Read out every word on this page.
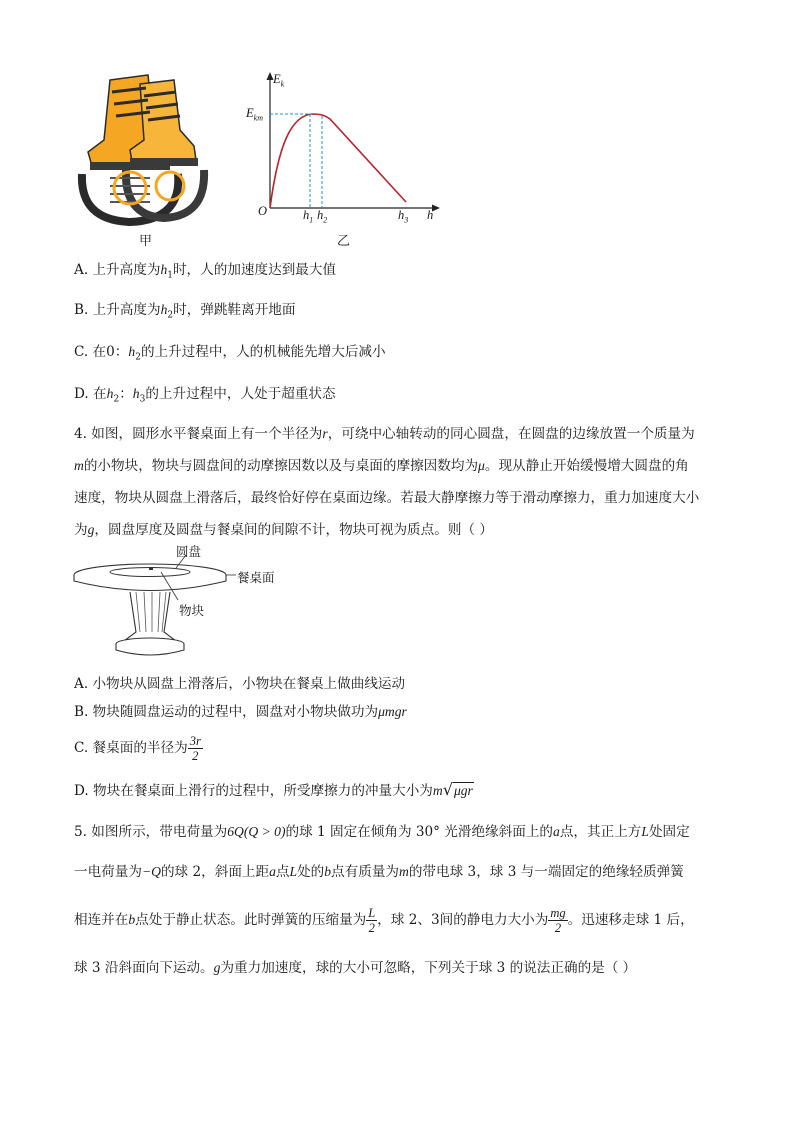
甲
$E_k$
$E_{km}$
O	$h_1$ $h_2$	$h_3$ h
乙
A. 上升高度为$h_1$时，人的加速度达到最大值
B. 上升高度为$h_2$时，弹跳鞋离开地面
C. 在0：$h_2$的上升过程中，人的机械能先增大后减小
D. 在$h_2$：$h_3$的上升过程中，人处于超重状态
4. 如图，圆形水平餐桌面上有一个半径为r，可绕中心轴转动的同心圆盘，在圆盘的边缘放置一个质量为
m的小物块，物块与圆盘间的动摩擦因数以及与桌面的摩擦因数均为μ。现从静止开始缓慢增大圆盘的角
速度，物块从圆盘上滑落后，最终恰好停在桌面边缘。若最大静摩擦力等于滑动摩擦力，重力加速度大小
为g，圆盘厚度及圆盘与餐桌间的间隙不计，物块可视为质点。则（ ）
圆盘
餐桌面
物块
A. 小物块从圆盘上滑落后，小物块在餐桌上做曲线运动
B. 物块随圆盘运动的过程中，圆盘对小物块做功为μmgr
C. 餐桌面的半径为 $\frac{3r}{2}$
D. 物块在餐桌面上滑行的过程中，所受摩擦力的冲量大小为m√μgr
5. 如图所示，带电荷量为6Q(Q > 0)的球 1 固定在倾角为 30° 光滑绝缘斜面上的a点，其正上方L处固定
一电荷量为−Q的球 2，斜面上距a点L处的b点有质量为m的带电球 3，球 3 与一端固定的绝缘轻质弹簧
相连并在b点处于静止状态。此时弹簧的压缩量为 $\frac{L}{2}$ ，球 2、3间的静电力大小为 $\frac{mg}{2}$ 。迅速移走球 1 后，
球 3 沿斜面向下运动。g为重力加速度，球的大小可忽略，下列关于球 3 的说法正确的是（ ）
